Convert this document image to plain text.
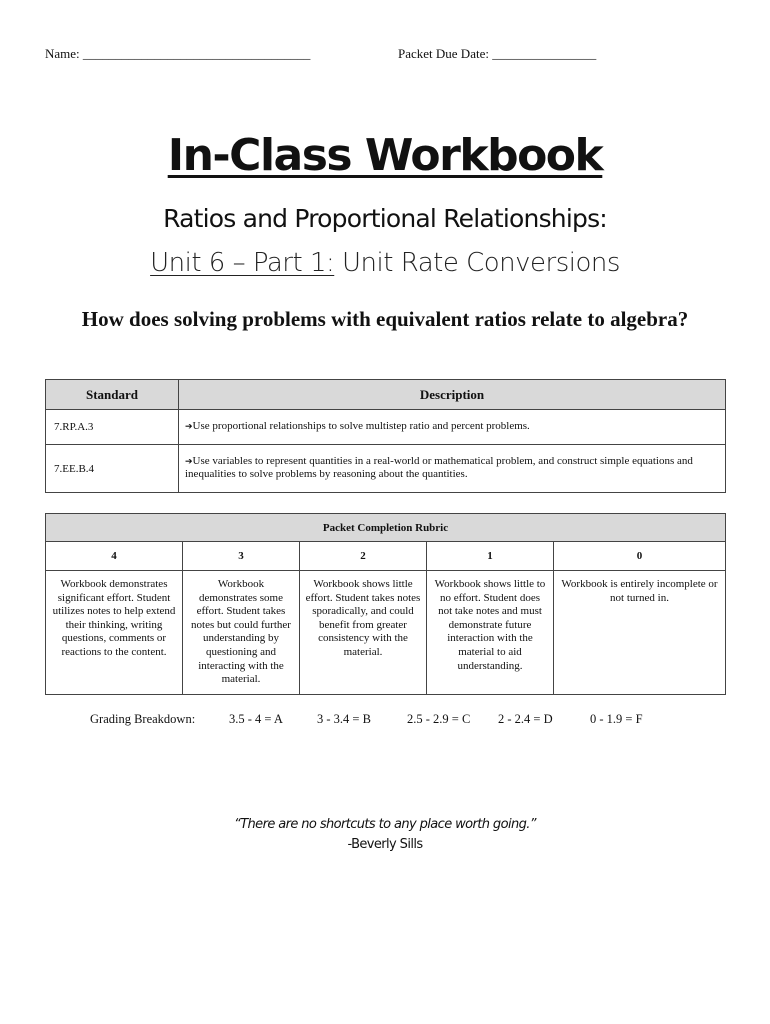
Name: ___________________________________	Packet Due Date: ________________
In-Class Workbook
Ratios and Proportional Relationships:
Unit 6 – Part 1: Unit Rate Conversions
How does solving problems with equivalent ratios relate to algebra?
Standard	Description
7.RP.A.3	➔Use proportional relationships to solve multistep ratio and percent problems.
7.EE.B.4	➔Use variables to represent quantities in a real-world or mathematical problem, and construct simple equations and inequalities to solve problems by reasoning about the quantities.
Packet Completion Rubric				
4	3	2	1	0
Workbook demonstrates significant effort. Student utilizes notes to help extend their thinking, writing questions, comments or reactions to the content.	Workbook demonstrates some effort. Student takes notes but could further understanding by questioning and interacting with the material.	Workbook shows little effort. Student takes notes sporadically, and could benefit from greater consistency with the material.	Workbook shows little to no effort. Student does not take notes and must demonstrate future interaction with the material to aid understanding.	Workbook is entirely incomplete or not turned in.
Grading Breakdown:	3.5 - 4 = A	3 - 3.4 = B	2.5 - 2.9 = C 2 - 2.4 = D	0 - 1.9 = F
“There are no shortcuts to any place worth going.”
-Beverly Sills
